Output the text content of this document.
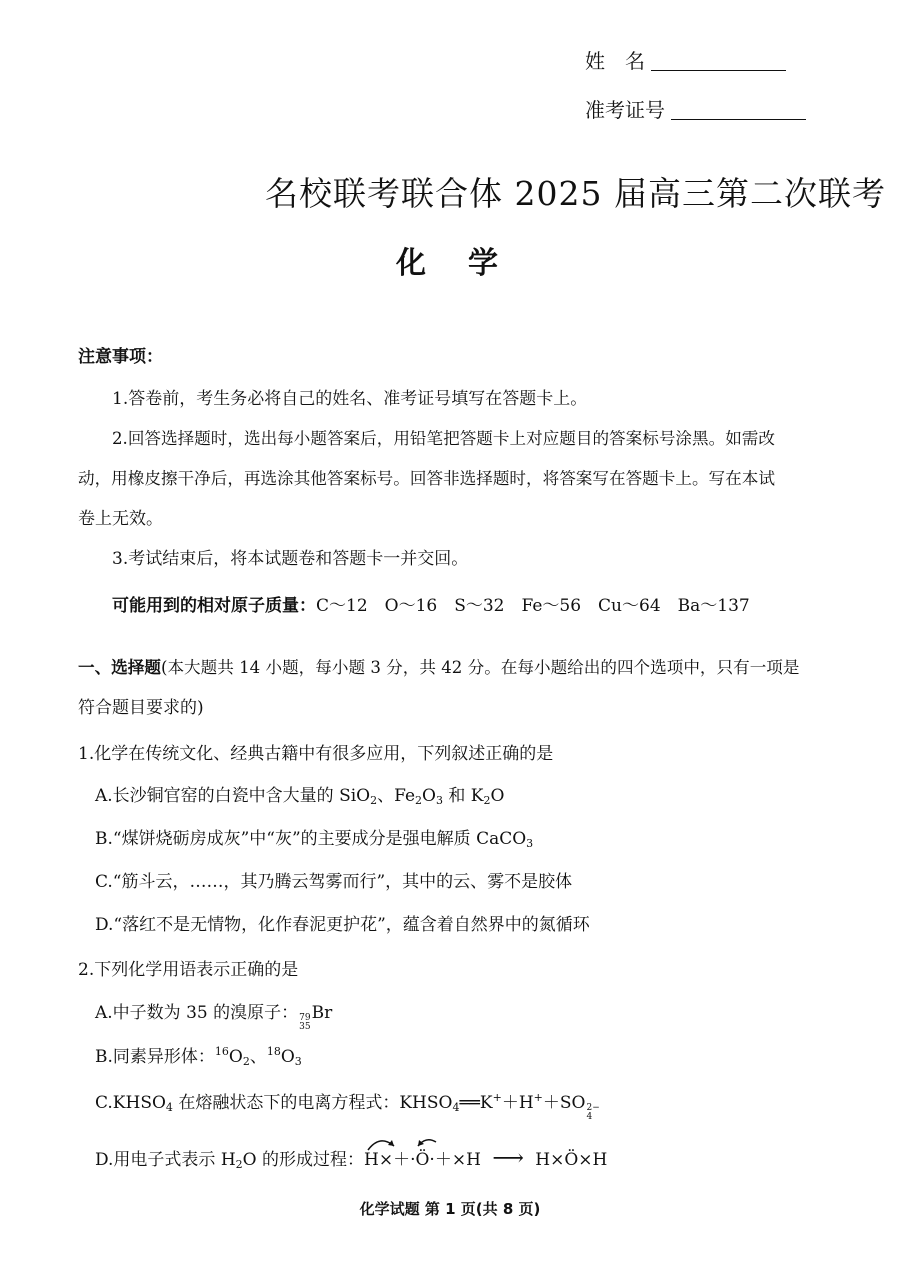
姓　名
准考证号
名校联考联合体 2025 届高三第二次联考
化　学
注意事项：
1.答卷前，考生务必将自己的姓名、准考证号填写在答题卡上。
2.回答选择题时，选出每小题答案后，用铅笔把答题卡上对应题目的答案标号涂黑。如需改
动，用橡皮擦干净后，再选涂其他答案标号。回答非选择题时，将答案写在答题卡上。写在本试
卷上无效。
3.考试结束后，将本试题卷和答题卡一并交回。
可能用到的相对原子质量：C～12　O～16　S～32　Fe～56　Cu～64　Ba～137
一、选择题(本大题共 14 小题，每小题 3 分，共 42 分。在每小题给出的四个选项中，只有一项是
符合题目要求的)
1.化学在传统文化、经典古籍中有很多应用，下列叙述正确的是
A.长沙铜官窑的白瓷中含大量的 SiO$_2$、$Fe_2O_3$ 和 $K_2O$
B.“煤饼烧砺房成灰”中“灰”的主要成分是强电解质 CaCO$_3$
C.“筋斗云，……，其乃腾云驾雾而行”，其中的云、雾不是胶体
D.“落红不是无情物，化作春泥更护花”，蕴含着自然界中的氮循环
2.下列化学用语表示正确的是
A.中子数为 35 的溴原子： 79
35
Br
B.同素异形体：$^{16}O_2$、$^{18}O_3$
$C.KHSO_4$ 在熔融状态下的电离方程式：$KHSO_4══K^++H^++SO$ 2−
4
D.用电子式表示 $H_2O$ 的形成过程：H×＋·Ö·＋×H ⟶ H×Ö×H
化学试题 第 1 页(共 8 页)
